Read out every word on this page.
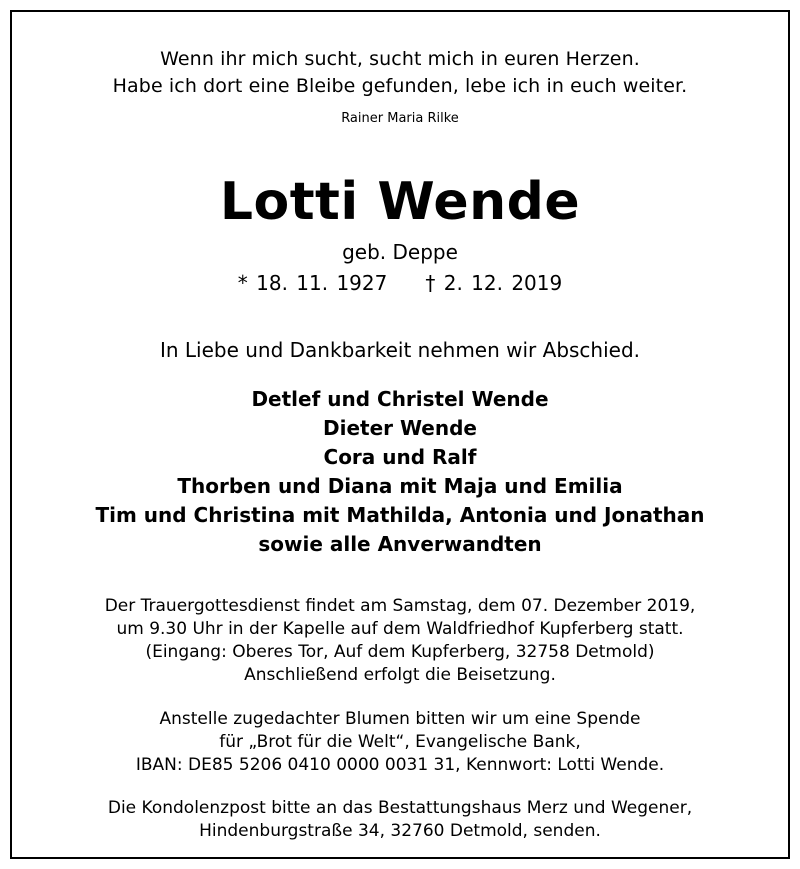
Wenn ihr mich sucht, sucht mich in euren Herzen.
Habe ich dort eine Bleibe gefunden, lebe ich in euch weiter.
Rainer Maria Rilke
Lotti Wende
geb. Deppe
* 18. 11. 1927 † 2. 12. 2019
In Liebe und Dankbarkeit nehmen wir Abschied.
Detlef und Christel Wende
Dieter Wende
Cora und Ralf
Thorben und Diana mit Maja und Emilia
Tim und Christina mit Mathilda, Antonia und Jonathan
sowie alle Anverwandten
Der Trauergottesdienst findet am Samstag, dem 07. Dezember 2019,
um 9.30 Uhr in der Kapelle auf dem Waldfriedhof Kupferberg statt.
(Eingang: Oberes Tor, Auf dem Kupferberg, 32758 Detmold)
Anschließend erfolgt die Beisetzung.
Anstelle zugedachter Blumen bitten wir um eine Spende
für „Brot für die Welt“, Evangelische Bank,
IBAN: DE85 5206 0410 0000 0031 31, Kennwort: Lotti Wende.
Die Kondolenzpost bitte an das Bestattungshaus Merz und Wegener,
Hindenburgstraße 34, 32760 Detmold, senden.
